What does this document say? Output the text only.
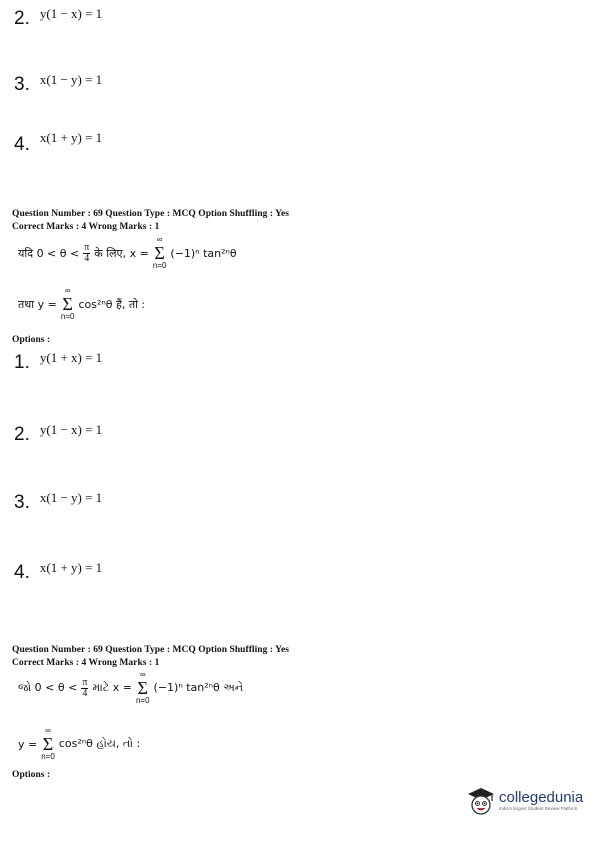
2. $^{y(1 - x) = 1}$
3. $^{x(1 - y) = 1}$
4. $^{x(1 + y) = 1}$
Question Number : 69 Question Type : MCQ Option Shuffling : Yes
Correct Marks : 4 Wrong Marks : 1
यदि $0 < \theta < \frac{\pi}{4}$ के लिए, x =
∞
Σ
n=0
(−1)ⁿ tan²ⁿθ
तथा y =
∞
Σ
n=0
cos²ⁿθ हैं, तो :
Options :
1. $^{y(1 + x) = 1}$
2. $^{y(1 - x) = 1}$
3. $^{x(1 - y) = 1}$
4. $^{x(1 + y) = 1}$
Question Number : 69 Question Type : MCQ Option Shuffling : Yes
Correct Marks : 4 Wrong Marks : 1
જો $0 < \theta < \frac{\pi}{4}$ માટે x =
∞
Σ
n=0
(−1)ⁿ tan²ⁿθ અને
y =
∞
Σ
n=0
cos²ⁿθ હોય, તો :
Options :
collegedunia
India's largest Student Review Platform
